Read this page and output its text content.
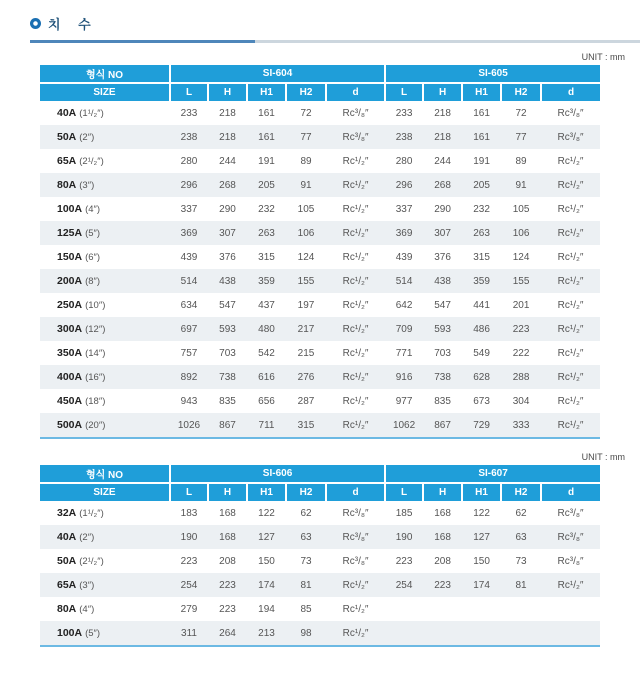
치 수
UNIT : mm
형식 NO	SI-604					SI-605				
SIZE	L	H	H1	H2	d	L	H	H1	H2	d
40A (1¹/₂″)	233	218	161	72	Rc³/₈″	233	218	161	72	Rc³/₈″
50A (2″)	238	218	161	77	Rc³/₈″	238	218	161	77	Rc³/₈″
65A (2¹/₂″)	280	244	191	89	Rc¹/₂″	280	244	191	89	Rc¹/₂″
80A (3″)	296	268	205	91	Rc¹/₂″	296	268	205	91	Rc¹/₂″
100A (4″)	337	290	232	105	Rc¹/₂″	337	290	232	105	Rc¹/₂″
125A (5″)	369	307	263	106	Rc¹/₂″	369	307	263	106	Rc¹/₂″
150A (6″)	439	376	315	124	Rc¹/₂″	439	376	315	124	Rc¹/₂″
200A (8″)	514	438	359	155	Rc¹/₂″	514	438	359	155	Rc¹/₂″
250A (10″)	634	547	437	197	Rc¹/₂″	642	547	441	201	Rc¹/₂″
300A (12″)	697	593	480	217	Rc¹/₂″	709	593	486	223	Rc¹/₂″
350A (14″)	757	703	542	215	Rc¹/₂″	771	703	549	222	Rc¹/₂″
400A (16″)	892	738	616	276	Rc¹/₂″	916	738	628	288	Rc¹/₂″
450A (18″)	943	835	656	287	Rc¹/₂″	977	835	673	304	Rc¹/₂″
500A (20″)	1026	867	711	315	Rc¹/₂″	1062	867	729	333	Rc¹/₂″
UNIT : mm
형식 NO	SI-606					SI-607				
SIZE	L	H	H1	H2	d	L	H	H1	H2	d
32A (1¹/₂″)	183	168	122	62	Rc³/₈″	185	168	122	62	Rc³/₈″
40A (2″)	190	168	127	63	Rc³/₈″	190	168	127	63	Rc³/₈″
50A (2¹/₂″)	223	208	150	73	Rc³/₈″	223	208	150	73	Rc³/₈″
65A (3″)	254	223	174	81	Rc¹/₂″	254	223	174	81	Rc¹/₂″
80A (4″)	279	223	194	85	Rc¹/₂″					
100A (5″)	311	264	213	98	Rc¹/₂″					
